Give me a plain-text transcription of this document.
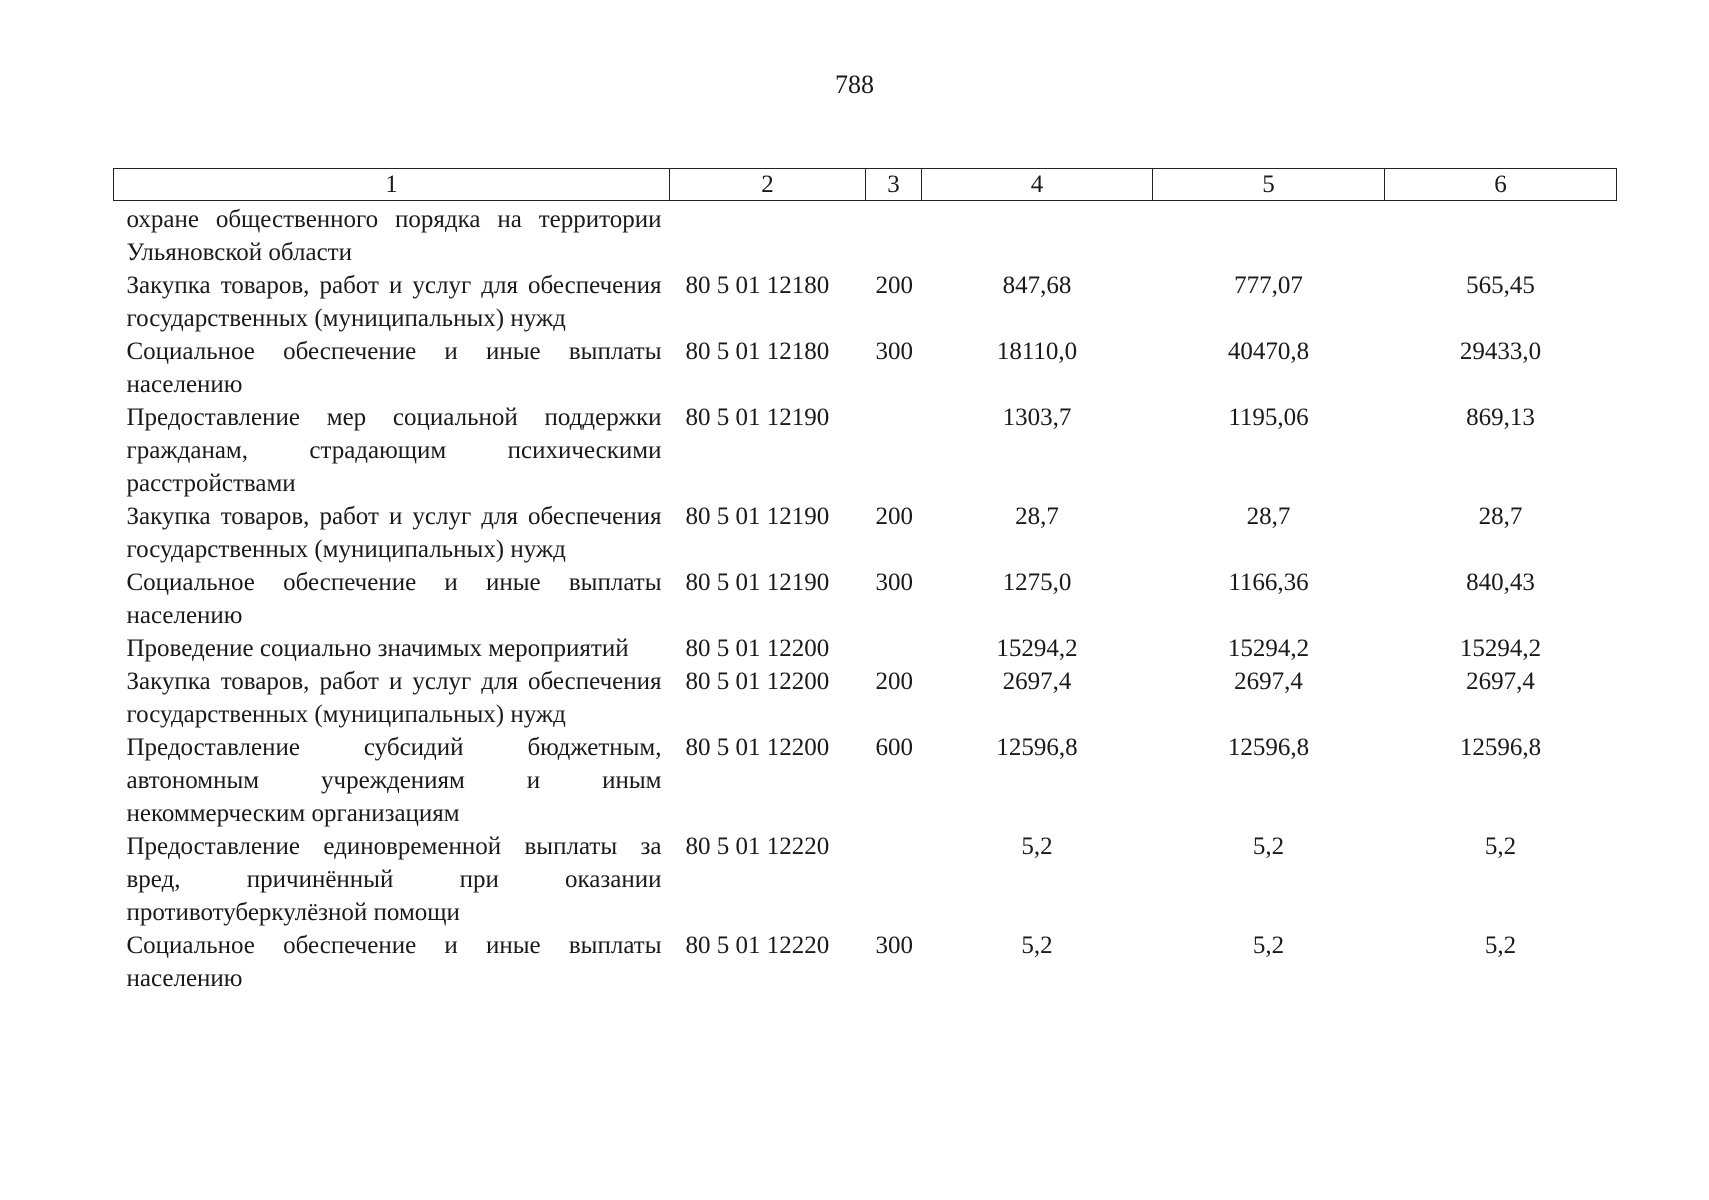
788
1	2	3	4	5	6
охране общественного порядка на территории Ульяновской области					
Закупка товаров, работ и услуг для обеспечения государственных (муниципальных) нужд	80 5 01 12180	200	847,68	777,07	565,45
Социальное обеспечение и иные выплаты населению	80 5 01 12180	300	18110,0	40470,8	29433,0
Предоставление мер социальной поддержки гражданам, страдающим психическими расстройствами	80 5 01 12190		1303,7	1195,06	869,13
Закупка товаров, работ и услуг для обеспечения государственных (муниципальных) нужд	80 5 01 12190	200	28,7	28,7	28,7
Социальное обеспечение и иные выплаты населению	80 5 01 12190	300	1275,0	1166,36	840,43
Проведение социально значимых мероприятий	80 5 01 12200		15294,2	15294,2	15294,2
Закупка товаров, работ и услуг для обеспечения государственных (муниципальных) нужд	80 5 01 12200	200	2697,4	2697,4	2697,4
Предоставление субсидий бюджетным, автономным учреждениям и иным некоммерческим организациям	80 5 01 12200	600	12596,8	12596,8	12596,8
Предоставление единовременной выплаты за вред, причинённый при оказании противотуберкулёзной помощи	80 5 01 12220		5,2	5,2	5,2
Социальное обеспечение и иные выплаты населению	80 5 01 12220	300	5,2	5,2	5,2
